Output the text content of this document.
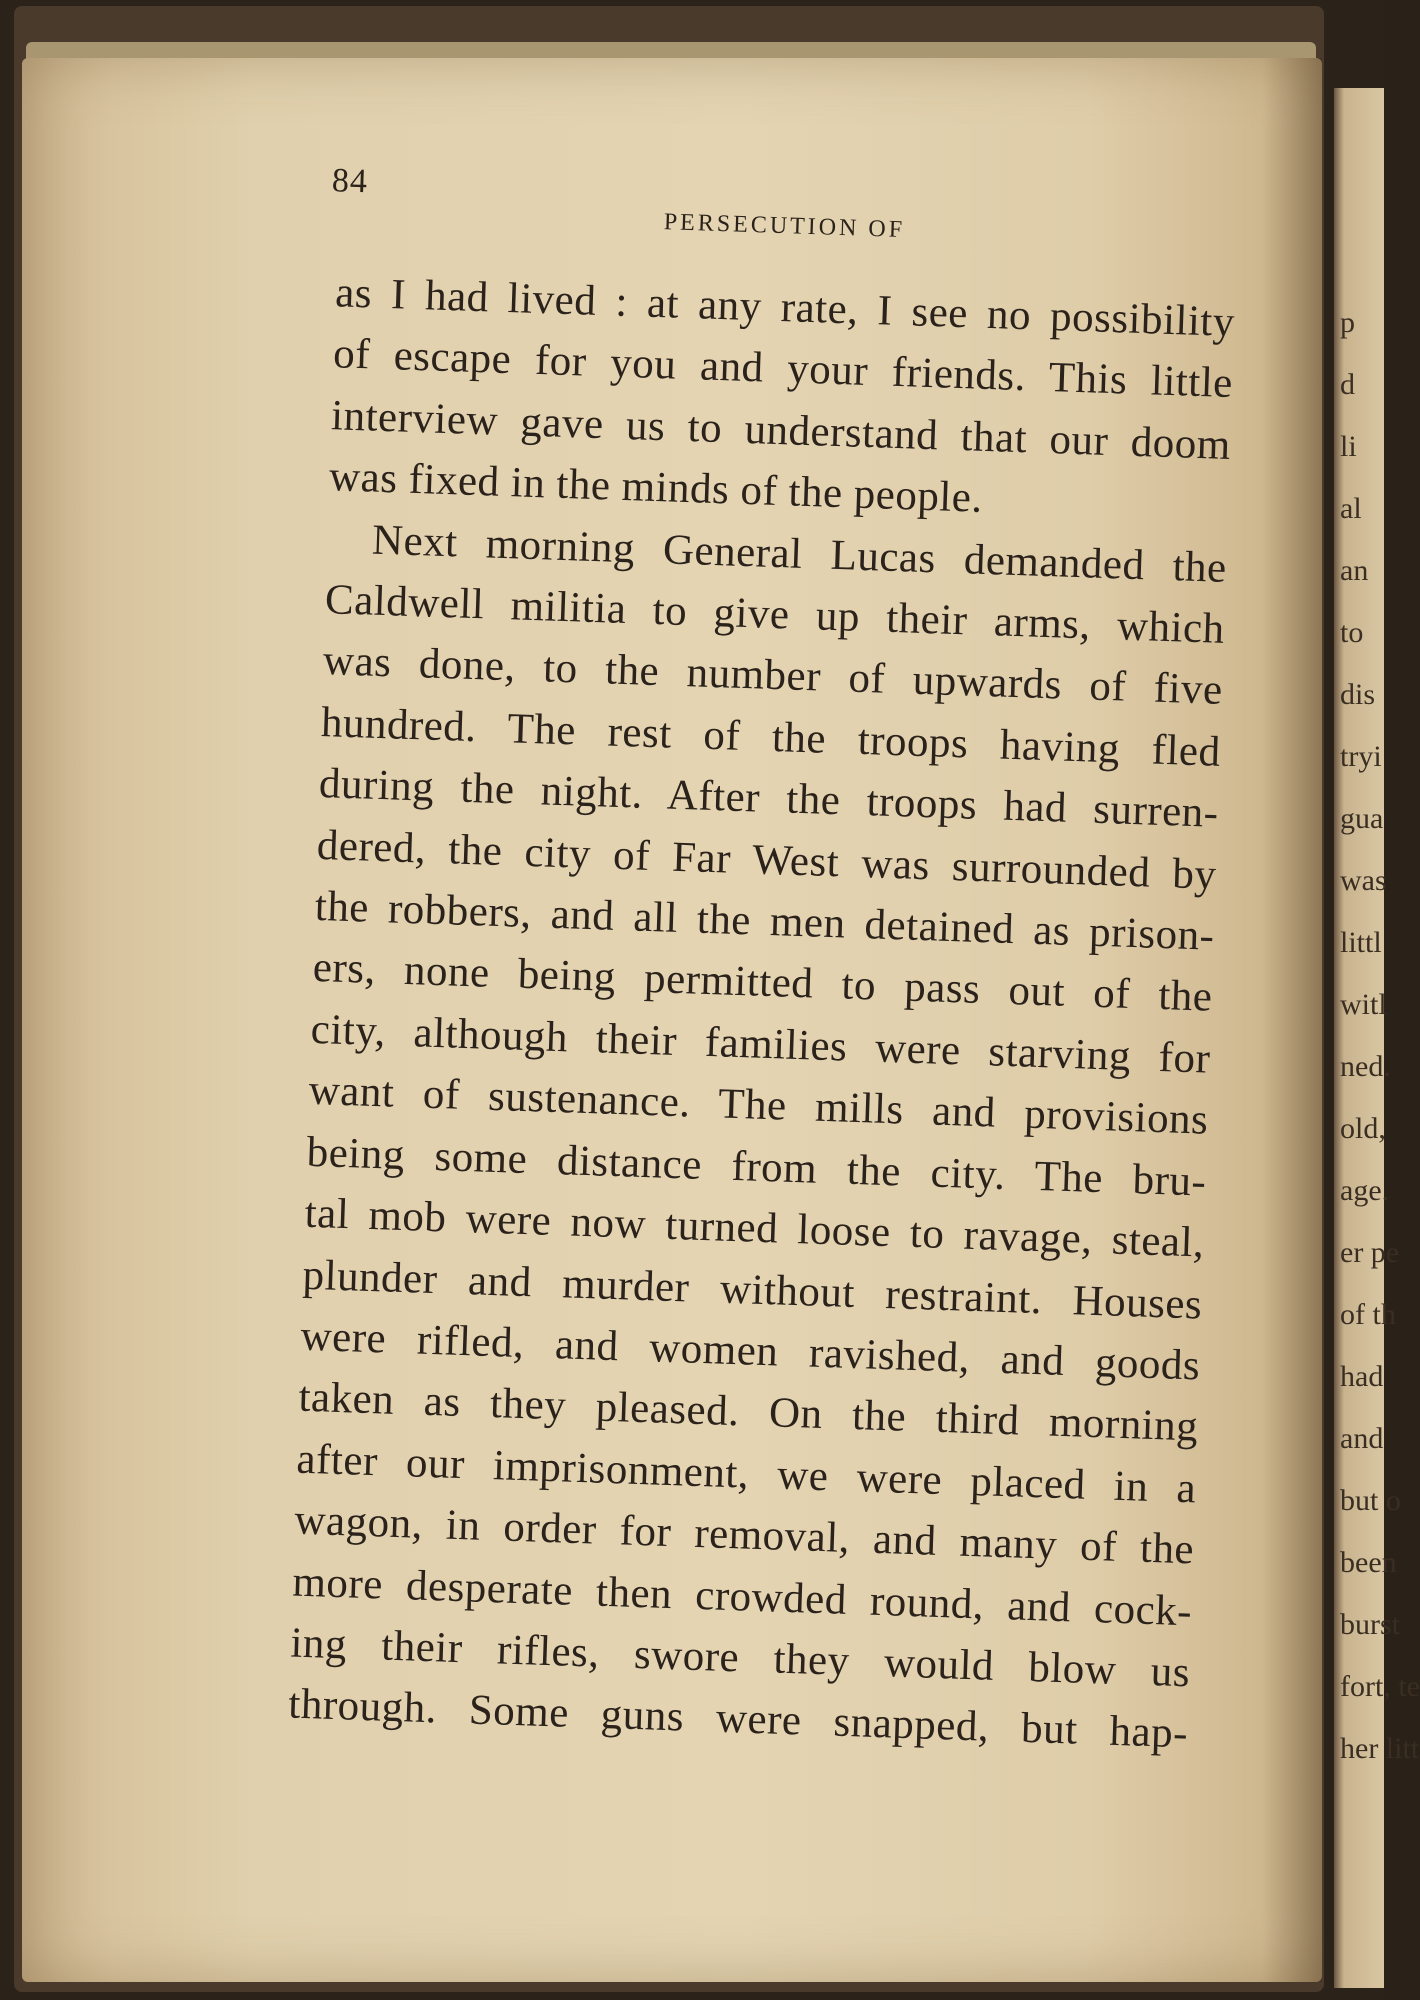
p
d
li
al
an
to
dis
tryi
gua
was
littl
witl
ned.
old,
age.
er pe
of th
had
and
but o
been
burst
fort, te
her litt
84
PERSECUTION OF
as I had lived : at any rate, I see no possibility
of escape for you and your friends. This little
interview gave us to understand that our doom
was fixed in the minds of the people.
Next morning General Lucas demanded the
Caldwell militia to give up their arms, which
was done, to the number of upwards of five
hundred. The rest of the troops having fled
during the night. After the troops had surren-
dered, the city of Far West was surrounded by
the robbers, and all the men detained as prison-
ers, none being permitted to pass out of the
city, although their families were starving for
want of sustenance. The mills and provisions
being some distance from the city. The bru-
tal mob were now turned loose to ravage, steal,
plunder and murder without restraint. Houses
were rifled, and women ravished, and goods
taken as they pleased. On the third morning
after our imprisonment, we were placed in a
wagon, in order for removal, and many of the
more desperate then crowded round, and cock-
ing their rifles, swore they would blow us
through. Some guns were snapped, but hap-
